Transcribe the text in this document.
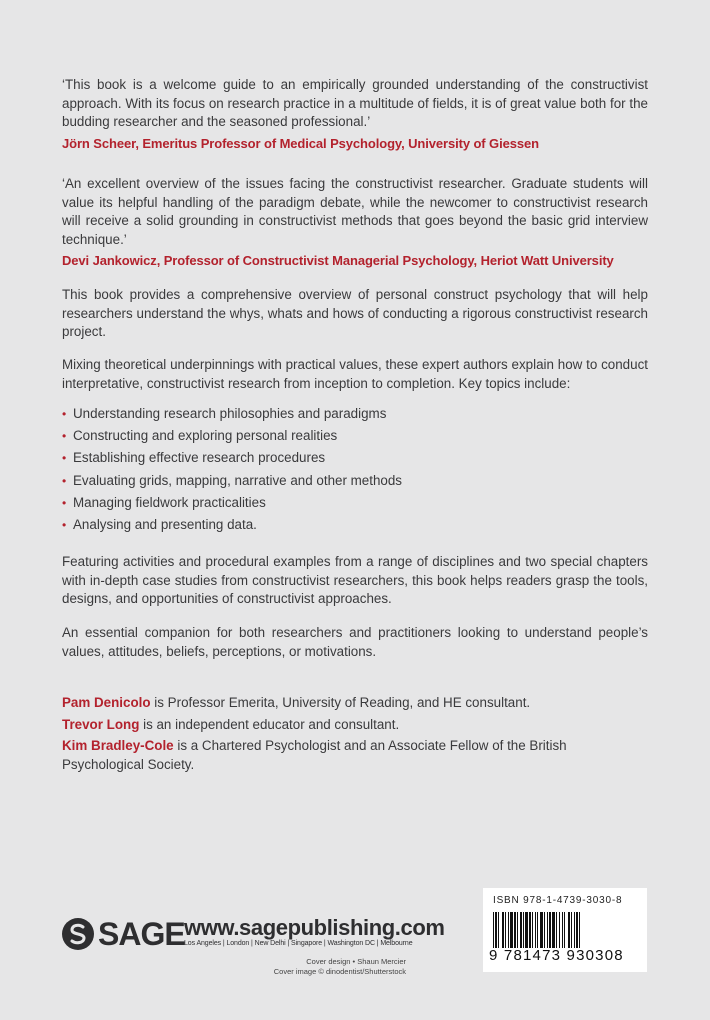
‘This book is a welcome guide to an empirically grounded understanding of the constructivist approach. With its focus on research practice in a multitude of fields, it is of great value both for the budding researcher and the seasoned professional.’

Jörn Scheer, Emeritus Professor of Medical Psychology, University of Giessen

‘An excellent overview of the issues facing the constructivist researcher. Graduate students will value its helpful handling of the paradigm debate, while the newcomer to constructivist research will receive a solid grounding in constructivist methods that goes beyond the basic grid interview technique.’

Devi Jankowicz, Professor of Constructivist Managerial Psychology, Heriot Watt University

This book provides a comprehensive overview of personal construct psychology that will help researchers understand the whys, whats and hows of conducting a rigorous constructivist research project.

Mixing theoretical underpinnings with practical values, these expert authors explain how to conduct interpretative, constructivist research from inception to completion. Key topics include:

• Understanding research philosophies and paradigms
• Constructing and exploring personal realities
• Establishing effective research procedures
• Evaluating grids, mapping, narrative and other methods
• Managing fieldwork practicalities
• Analysing and presenting data.

Featuring activities and procedural examples from a range of disciplines and two special chapters with in-depth case studies from constructivist researchers, this book helps readers grasp the tools, designs, and opportunities of constructivist approaches.

An essential companion for both researchers and practitioners looking to understand people’s values, attitudes, beliefs, perceptions, or motivations.

Pam Denicolo is Professor Emerita, University of Reading, and HE consultant.

Trevor Long is an independent educator and consultant.

Kim Bradley-Cole is a Chartered Psychologist and an Associate Fellow of the British Psychological Society.

SAGE www.sagepublishing.com
Los Angeles | London | New Delhi | Singapore | Washington DC | Melbourne
Cover design • Shaun Mercier
Cover image © dinodentist/Shutterstock
ISBN 978-1-4739-3030-8
9 781473 930308
